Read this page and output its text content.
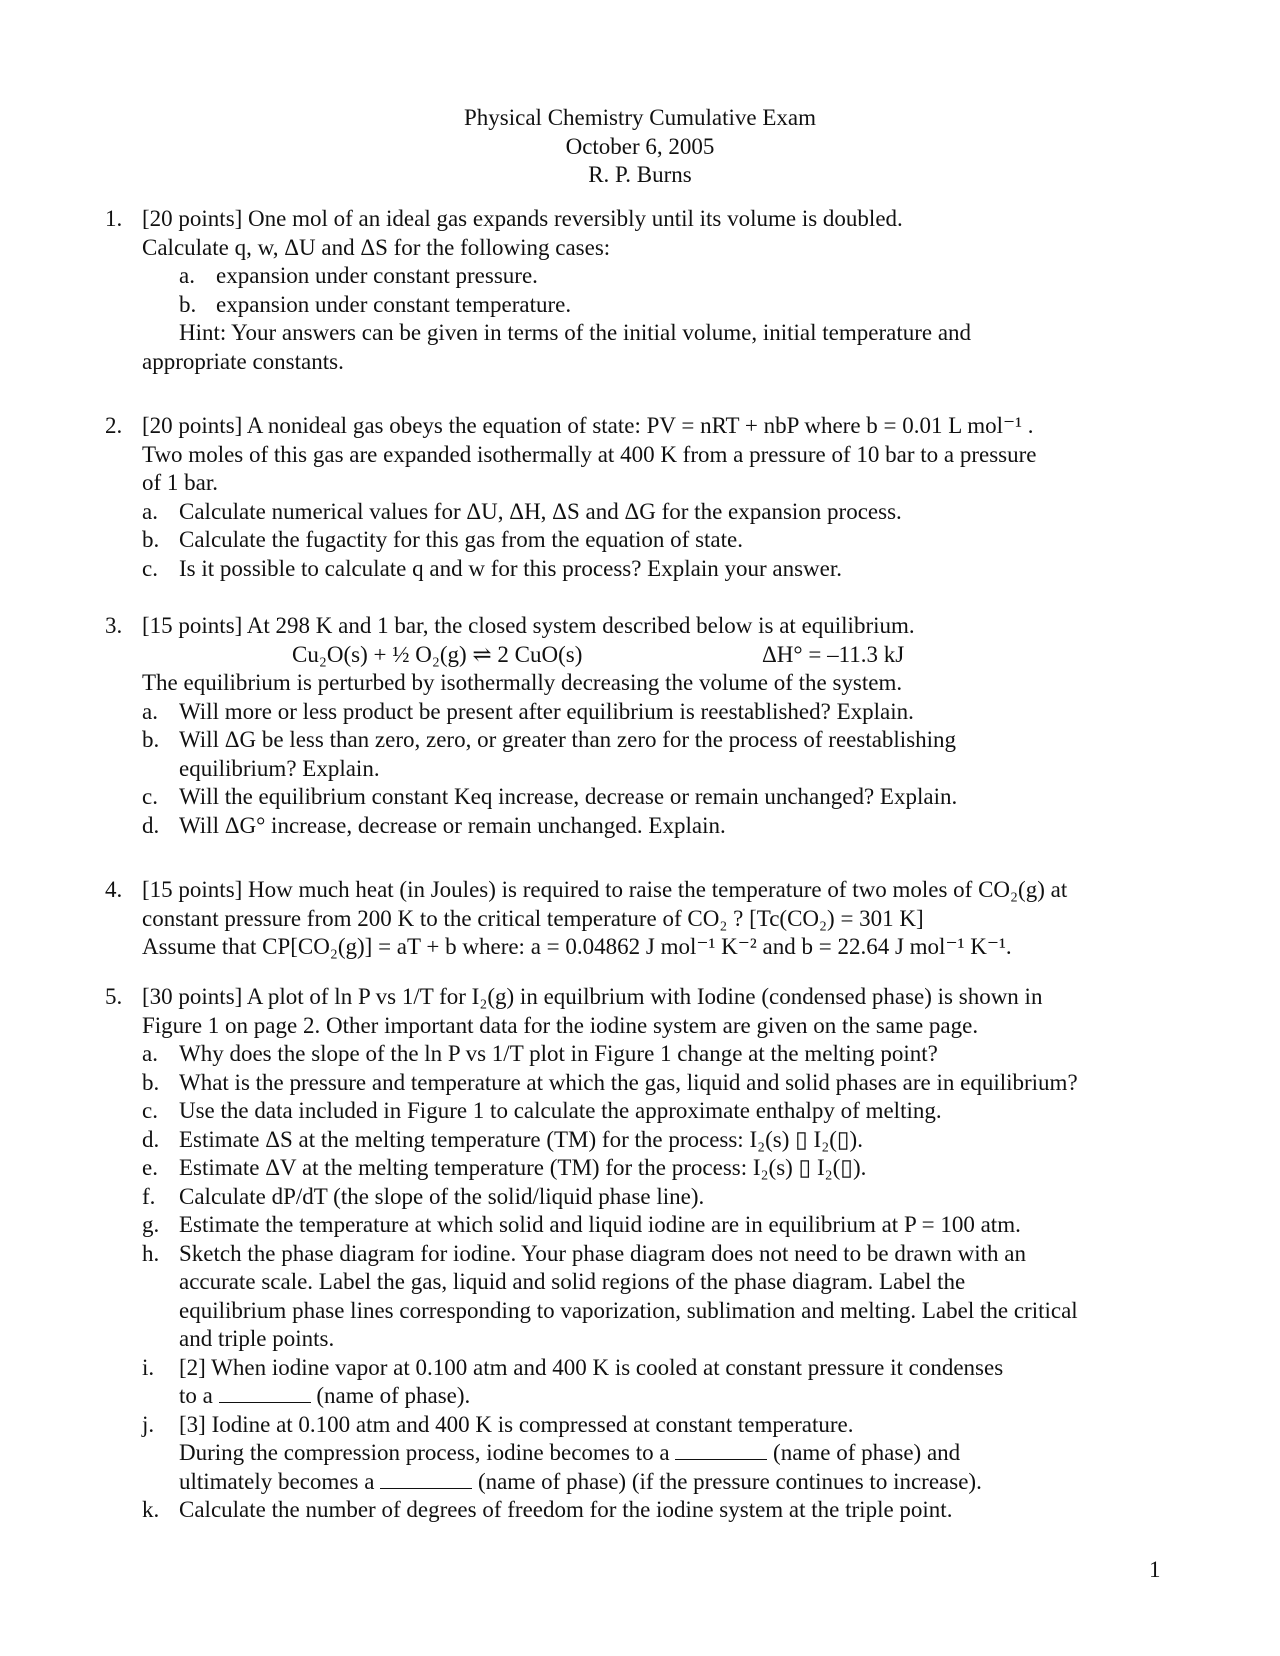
Physical Chemistry Cumulative Exam
October 6, 2005
R. P. Burns
1. [20 points] One mol of an ideal gas expands reversibly until its volume is doubled.
Calculate q, w, ΔU and ΔS for the following cases:
a. expansion under constant pressure.
b. expansion under constant temperature.
Hint: Your answers can be given in terms of the initial volume, initial temperature and
appropriate constants.
2. [20 points] A nonideal gas obeys the equation of state: PV = nRT + nbP where b = 0.01 L mol⁻¹ .
Two moles of this gas are expanded isothermally at 400 K from a pressure of 10 bar to a pressure
of 1 bar.
a. Calculate numerical values for ΔU, ΔH, ΔS and ΔG for the expansion process.
b. Calculate the fugactity for this gas from the equation of state.
c. Is it possible to calculate q and w for this process? Explain your answer.
3. [15 points] At 298 K and 1 bar, the closed system described below is at equilibrium.
Cu₂O(s) + ½ O₂(g) ⇌ 2 CuO(s)	ΔH° = –11.3 kJ
The equilibrium is perturbed by isothermally decreasing the volume of the system.
a. Will more or less product be present after equilibrium is reestablished? Explain.
b. Will ΔG be less than zero, zero, or greater than zero for the process of reestablishing
equilibrium? Explain.
c. Will the equilibrium constant Keq increase, decrease or remain unchanged? Explain.
d. Will ΔG° increase, decrease or remain unchanged. Explain.
4. [15 points] How much heat (in Joules) is required to raise the temperature of two moles of CO₂(g) at
constant pressure from 200 K to the critical temperature of CO₂ ? [Tc(CO₂) = 301 K]
Assume that CP[CO₂(g)] = aT + b where: a = 0.04862 J mol⁻¹ K⁻² and b = 22.64 J mol⁻¹ K⁻¹.
5. [30 points] A plot of ln P vs 1/T for I₂(g) in equilbrium with Iodine (condensed phase) is shown in
Figure 1 on page 2. Other important data for the iodine system are given on the same page.
a. Why does the slope of the ln P vs 1/T plot in Figure 1 change at the melting point?
b. What is the pressure and temperature at which the gas, liquid and solid phases are in equilibrium?
c. Use the data included in Figure 1 to calculate the approximate enthalpy of melting.
d. Estimate ΔS at the melting temperature (TM) for the process: I₂(s) ▯ I₂(▯).
e. Estimate ΔV at the melting temperature (TM) for the process: I₂(s) ▯ I₂(▯).
f.	Calculate dP/dT (the slope of the solid/liquid phase line).
g. Estimate the temperature at which solid and liquid iodine are in equilibrium at P = 100 atm.
h. Sketch the phase diagram for iodine. Your phase diagram does not need to be drawn with an
accurate scale. Label the gas, liquid and solid regions of the phase diagram. Label the
equilibrium phase lines corresponding to vaporization, sublimation and melting. Label the critical
and triple points.
i.	[2] When iodine vapor at 0.100 atm and 400 K is cooled at constant pressure it condenses
to a	(name of phase).
j.	[3] Iodine at 0.100 atm and 400 K is compressed at constant temperature.
During the compression process, iodine becomes to a	(name of phase) and
ultimately becomes a	(name of phase) (if the pressure continues to increase).
k. Calculate the number of degrees of freedom for the iodine system at the triple point.
1
